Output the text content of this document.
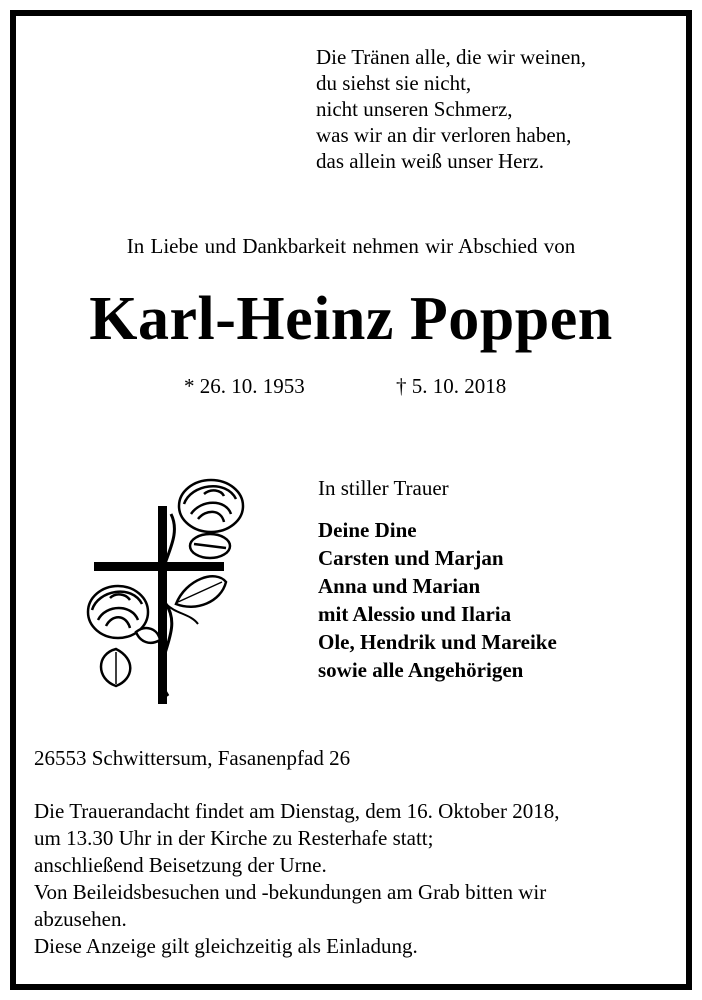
Die Tränen alle, die wir weinen,
du siehst sie nicht,
nicht unseren Schmerz,
was wir an dir verloren haben,
das allein weiß unser Herz.
In Liebe und Dankbarkeit nehmen wir Abschied von
Karl-Heinz Poppen
* 26. 10. 1953	† 5. 10. 2018
In stiller Trauer
Deine Dine
Carsten und Marjan
Anna und Marian
mit Alessio und Ilaria
Ole, Hendrik und Mareike
sowie alle Angehörigen
26553 Schwittersum, Fasanenpfad 26
Die Trauerandacht findet am Dienstag, dem 16. Oktober 2018,
um 13.30 Uhr in der Kirche zu Resterhafe statt;
anschließend Beisetzung der Urne.
Von Beileidsbesuchen und -bekundungen am Grab bitten wir
abzusehen.
Diese Anzeige gilt gleichzeitig als Einladung.
